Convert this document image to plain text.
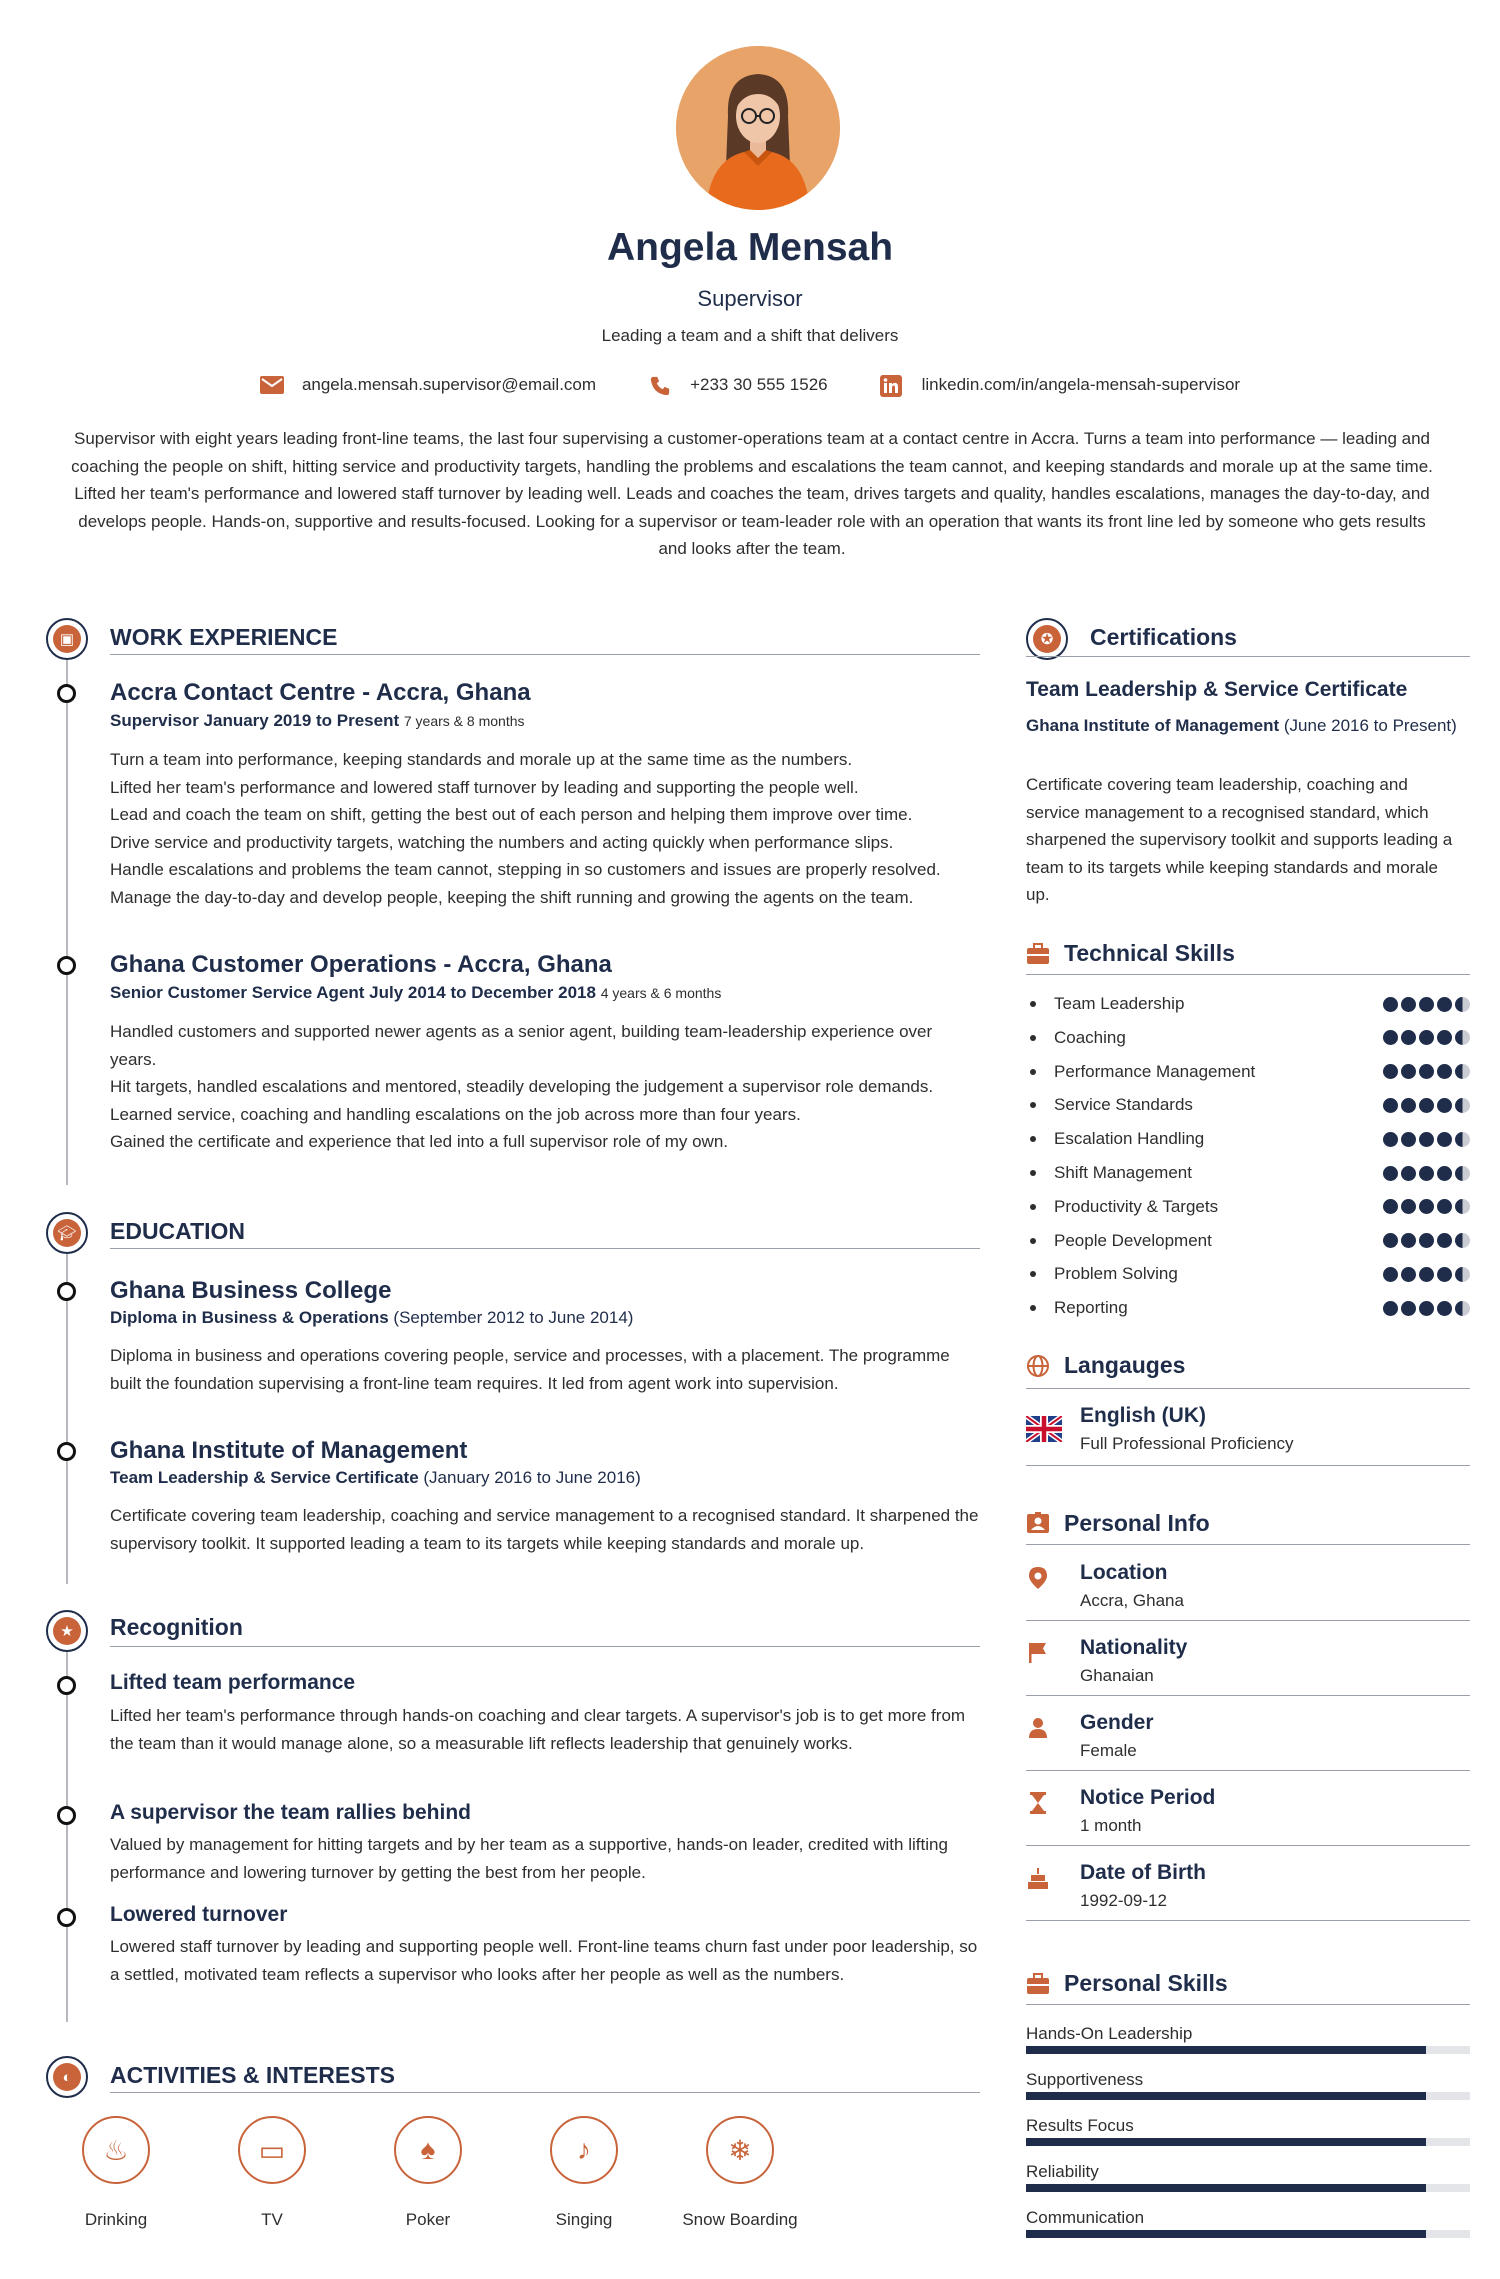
Angela Mensah
Supervisor
Leading a team and a shift that delivers
angela.mensah.supervisor@email.com	+233 30 555 1526	linkedin.com/in/angela-mensah-supervisor
Supervisor with eight years leading front-line teams, the last four supervising a customer-operations team at a contact centre in Accra. Turns a team into performance — leading and coaching the people on shift, hitting service and productivity targets, handling the problems and escalations the team cannot, and keeping standards and morale up at the same time. Lifted her team's performance and lowered staff turnover by leading well. Leads and coaches the team, drives targets and quality, handles escalations, manages the day-to-day, and develops people. Hands-on, supportive and results-focused. Looking for a supervisor or team-leader role with an operation that wants its front line led by someone who gets results and looks after the team.
▣	WORK EXPERIENCE
Accra Contact Centre - Accra, Ghana
Supervisor January 2019 to Present 7 years & 8 months
Turn a team into performance, keeping standards and morale up at the same time as the numbers.
Lifted her team's performance and lowered staff turnover by leading and supporting the people well.
Lead and coach the team on shift, getting the best out of each person and helping them improve over time.
Drive service and productivity targets, watching the numbers and acting quickly when performance slips.
Handle escalations and problems the team cannot, stepping in so customers and issues are properly resolved.
Manage the day-to-day and develop people, keeping the shift running and growing the agents on the team.
Ghana Customer Operations - Accra, Ghana
Senior Customer Service Agent July 2014 to December 2018 4 years & 6 months
Handled customers and supported newer agents as a senior agent, building team-leadership experience over years.
Hit targets, handled escalations and mentored, steadily developing the judgement a supervisor role demands.
Learned service, coaching and handling escalations on the job across more than four years.
Gained the certificate and experience that led into a full supervisor role of my own.
🎓︎ EDUCATION
Ghana Business College
Diploma in Business & Operations (September 2012 to June 2014)
Diploma in business and operations covering people, service and processes, with a placement. The programme built the foundation supervising a front-line team requires. It led from agent work into supervision.
Ghana Institute of Management
Team Leadership & Service Certificate (January 2016 to June 2016)
Certificate covering team leadership, coaching and service management to a recognised standard. It sharpened the supervisory toolkit. It supported leading a team to its targets while keeping standards and morale up.
★	Recognition
Lifted team performance
Lifted her team's performance through hands-on coaching and clear targets. A supervisor's job is to get more from the team than it would manage alone, so a measurable lift reflects leadership that genuinely works.
A supervisor the team rallies behind
Valued by management for hitting targets and by her team as a supportive, hands-on leader, credited with lifting performance and lowering turnover by getting the best from her people.
Lowered turnover
Lowered staff turnover by leading and supporting people well. Front-line teams churn fast under poor leadership, so a settled, motivated team reflects a supervisor who looks after her people as well as the numbers.
◐	ACTIVITIES & INTERESTS
♨
Drinking
▭
TV
♠
Poker
♪
Singing
❄
Snow Boarding
✪	Certifications
Team Leadership & Service Certificate
Ghana Institute of Management (June 2016 to Present)
Certificate covering team leadership, coaching and service management to a recognised standard, which sharpened the supervisory toolkit and supports leading a team to its targets while keeping standards and morale up.
Technical Skills
Team Leadership
Coaching
Performance Management
Service Standards
Escalation Handling
Shift Management
Productivity & Targets
People Development
Problem Solving
Reporting
Langauges
English (UK)
Full Professional Proficiency
Personal Info
Location
Accra, Ghana
Nationality
Ghanaian
Gender
Female
Notice Period
1 month
Date of Birth
1992-09-12
Personal Skills
Hands-On Leadership
Supportiveness
Results Focus
Reliability
Communication
